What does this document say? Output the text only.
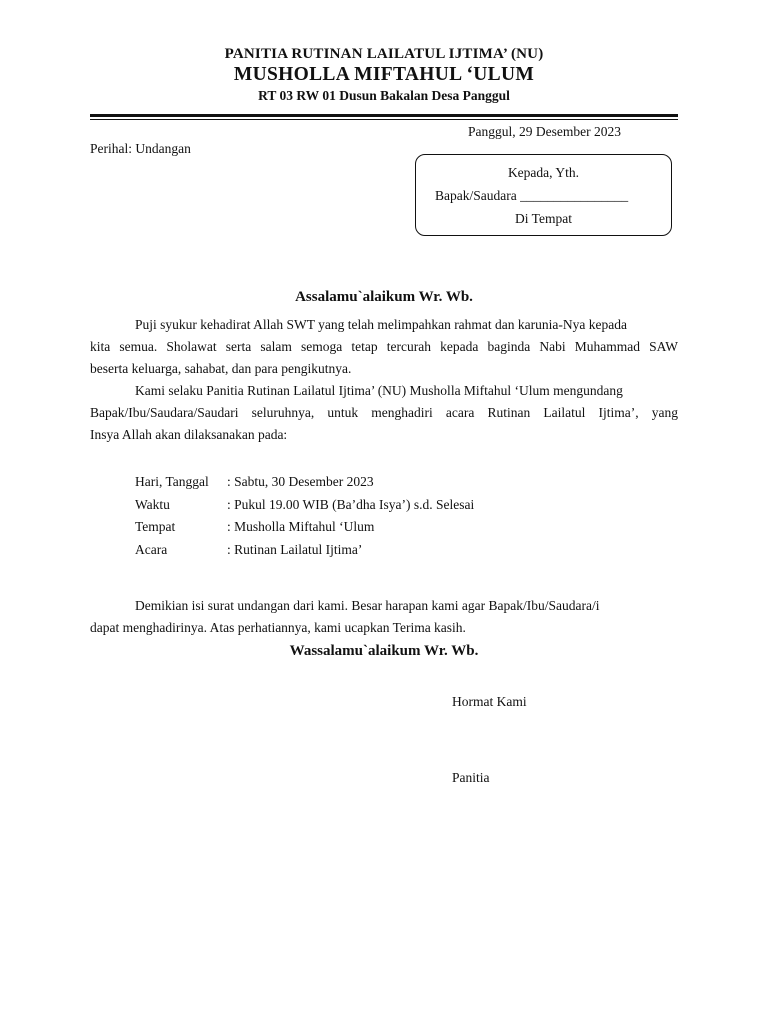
PANITIA RUTINAN LAILATUL IJTIMA’ (NU)
MUSHOLLA MIFTAHUL ‘ULUM
RT 03 RW 01 Dusun Bakalan Desa Panggul
Panggul, 29 Desember 2023
Perihal: Undangan
Kepada, Yth.
Bapak/Saudara ________________
Di Tempat
Assalamu`alaikum Wr. Wb.
Puji syukur kehadirat Allah SWT yang telah melimpahkan rahmat dan karunia-Nya kepada
kita semua. Sholawat serta salam semoga tetap tercurah kepada baginda Nabi Muhammad SAW
beserta keluarga, sahabat, dan para pengikutnya.
Kami selaku Panitia Rutinan Lailatul Ijtima’ (NU) Musholla Miftahul ‘Ulum mengundang
Bapak/Ibu/Saudara/Saudari seluruhnya, untuk menghadiri acara Rutinan Lailatul Ijtima’, yang
Insya Allah akan dilaksanakan pada:
Hari, Tanggal : Sabtu, 30 Desember 2023
Waktu	: Pukul 19.00 WIB (Ba’dha Isya’) s.d. Selesai
Tempat	: Musholla Miftahul ‘Ulum
Acara	: Rutinan Lailatul Ijtima’
Demikian isi surat undangan dari kami. Besar harapan kami agar Bapak/Ibu/Saudara/i
dapat menghadirinya. Atas perhatiannya, kami ucapkan Terima kasih.
Wassalamu`alaikum Wr. Wb.
Hormat Kami
Panitia
